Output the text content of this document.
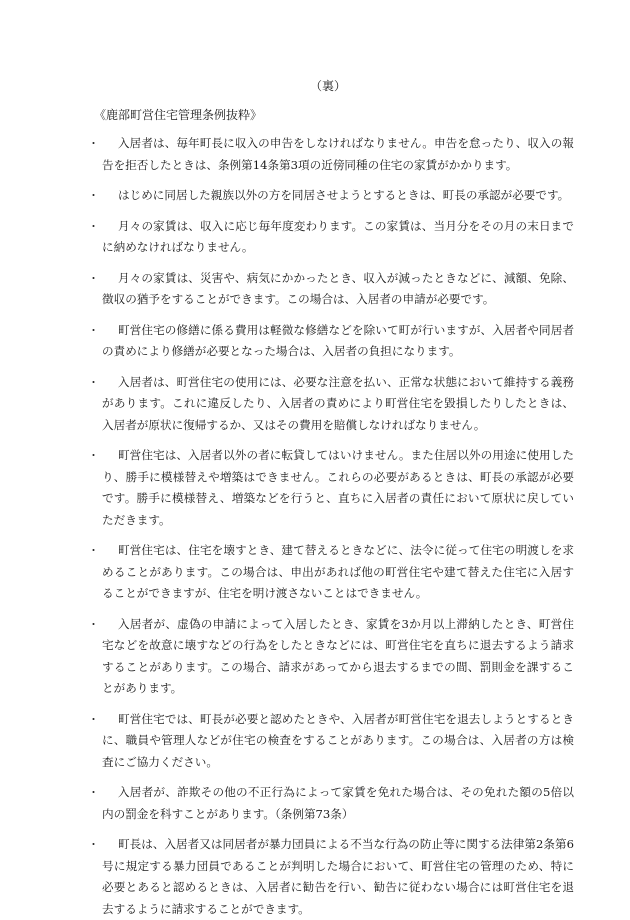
（裏）
《鹿部町営住宅管理条例抜粋》
・ 入居者は、毎年町長に収入の申告をしなければなりません。申告を怠ったり、収入の報告を拒否したときは、条例第14条第3項の近傍同種の住宅の家賃がかかります。
・ はじめに同居した親族以外の方を同居させようとするときは、町長の承認が必要です。
・ 月々の家賃は、収入に応じ毎年度変わります。この家賃は、当月分をその月の末日までに納めなければなりません。
・ 月々の家賃は、災害や、病気にかかったとき、収入が減ったときなどに、減額、免除、徴収の猶予をすることができます。この場合は、入居者の申請が必要です。
・ 町営住宅の修繕に係る費用は軽微な修繕などを除いて町が行いますが、入居者や同居者の責めにより修繕が必要となった場合は、入居者の負担になります。
・ 入居者は、町営住宅の使用には、必要な注意を払い、正常な状態において維持する義務があります。これに違反したり、入居者の責めにより町営住宅を毀損したりしたときは、入居者が原状に復帰するか、又はその費用を賠償しなければなりません。
・ 町営住宅は、入居者以外の者に転貸してはいけません。また住居以外の用途に使用したり、勝手に模様替えや増築はできません。これらの必要があるときは、町長の承認が必要です。勝手に模様替え、増築などを行うと、直ちに入居者の責任において原状に戻していただきます。
・ 町営住宅は、住宅を壊すとき、建て替えるときなどに、法令に従って住宅の明渡しを求めることがあります。この場合は、申出があれば他の町営住宅や建て替えた住宅に入居することができますが、住宅を明け渡さないことはできません。
・ 入居者が、虚偽の申請によって入居したとき、家賃を3か月以上滞納したとき、町営住宅などを故意に壊すなどの行為をしたときなどには、町営住宅を直ちに退去するよう請求することがあります。この場合、請求があってから退去するまでの間、罰則金を課することがあります。
・ 町営住宅では、町長が必要と認めたときや、入居者が町営住宅を退去しようとするときに、職員や管理人などが住宅の検査をすることがあります。この場合は、入居者の方は検査にご協力ください。
・ 入居者が、詐欺その他の不正行為によって家賃を免れた場合は、その免れた額の5倍以内の罰金を科すことがあります。（条例第73条）
・ 町長は、入居者又は同居者が暴力団員による不当な行為の防止等に関する法律第2条第6号に規定する暴力団員であることが判明した場合において、町営住宅の管理のため、特に必要とあると認めるときは、入居者に勧告を行い、勧告に従わない場合には町営住宅を退去するように請求することができます。
